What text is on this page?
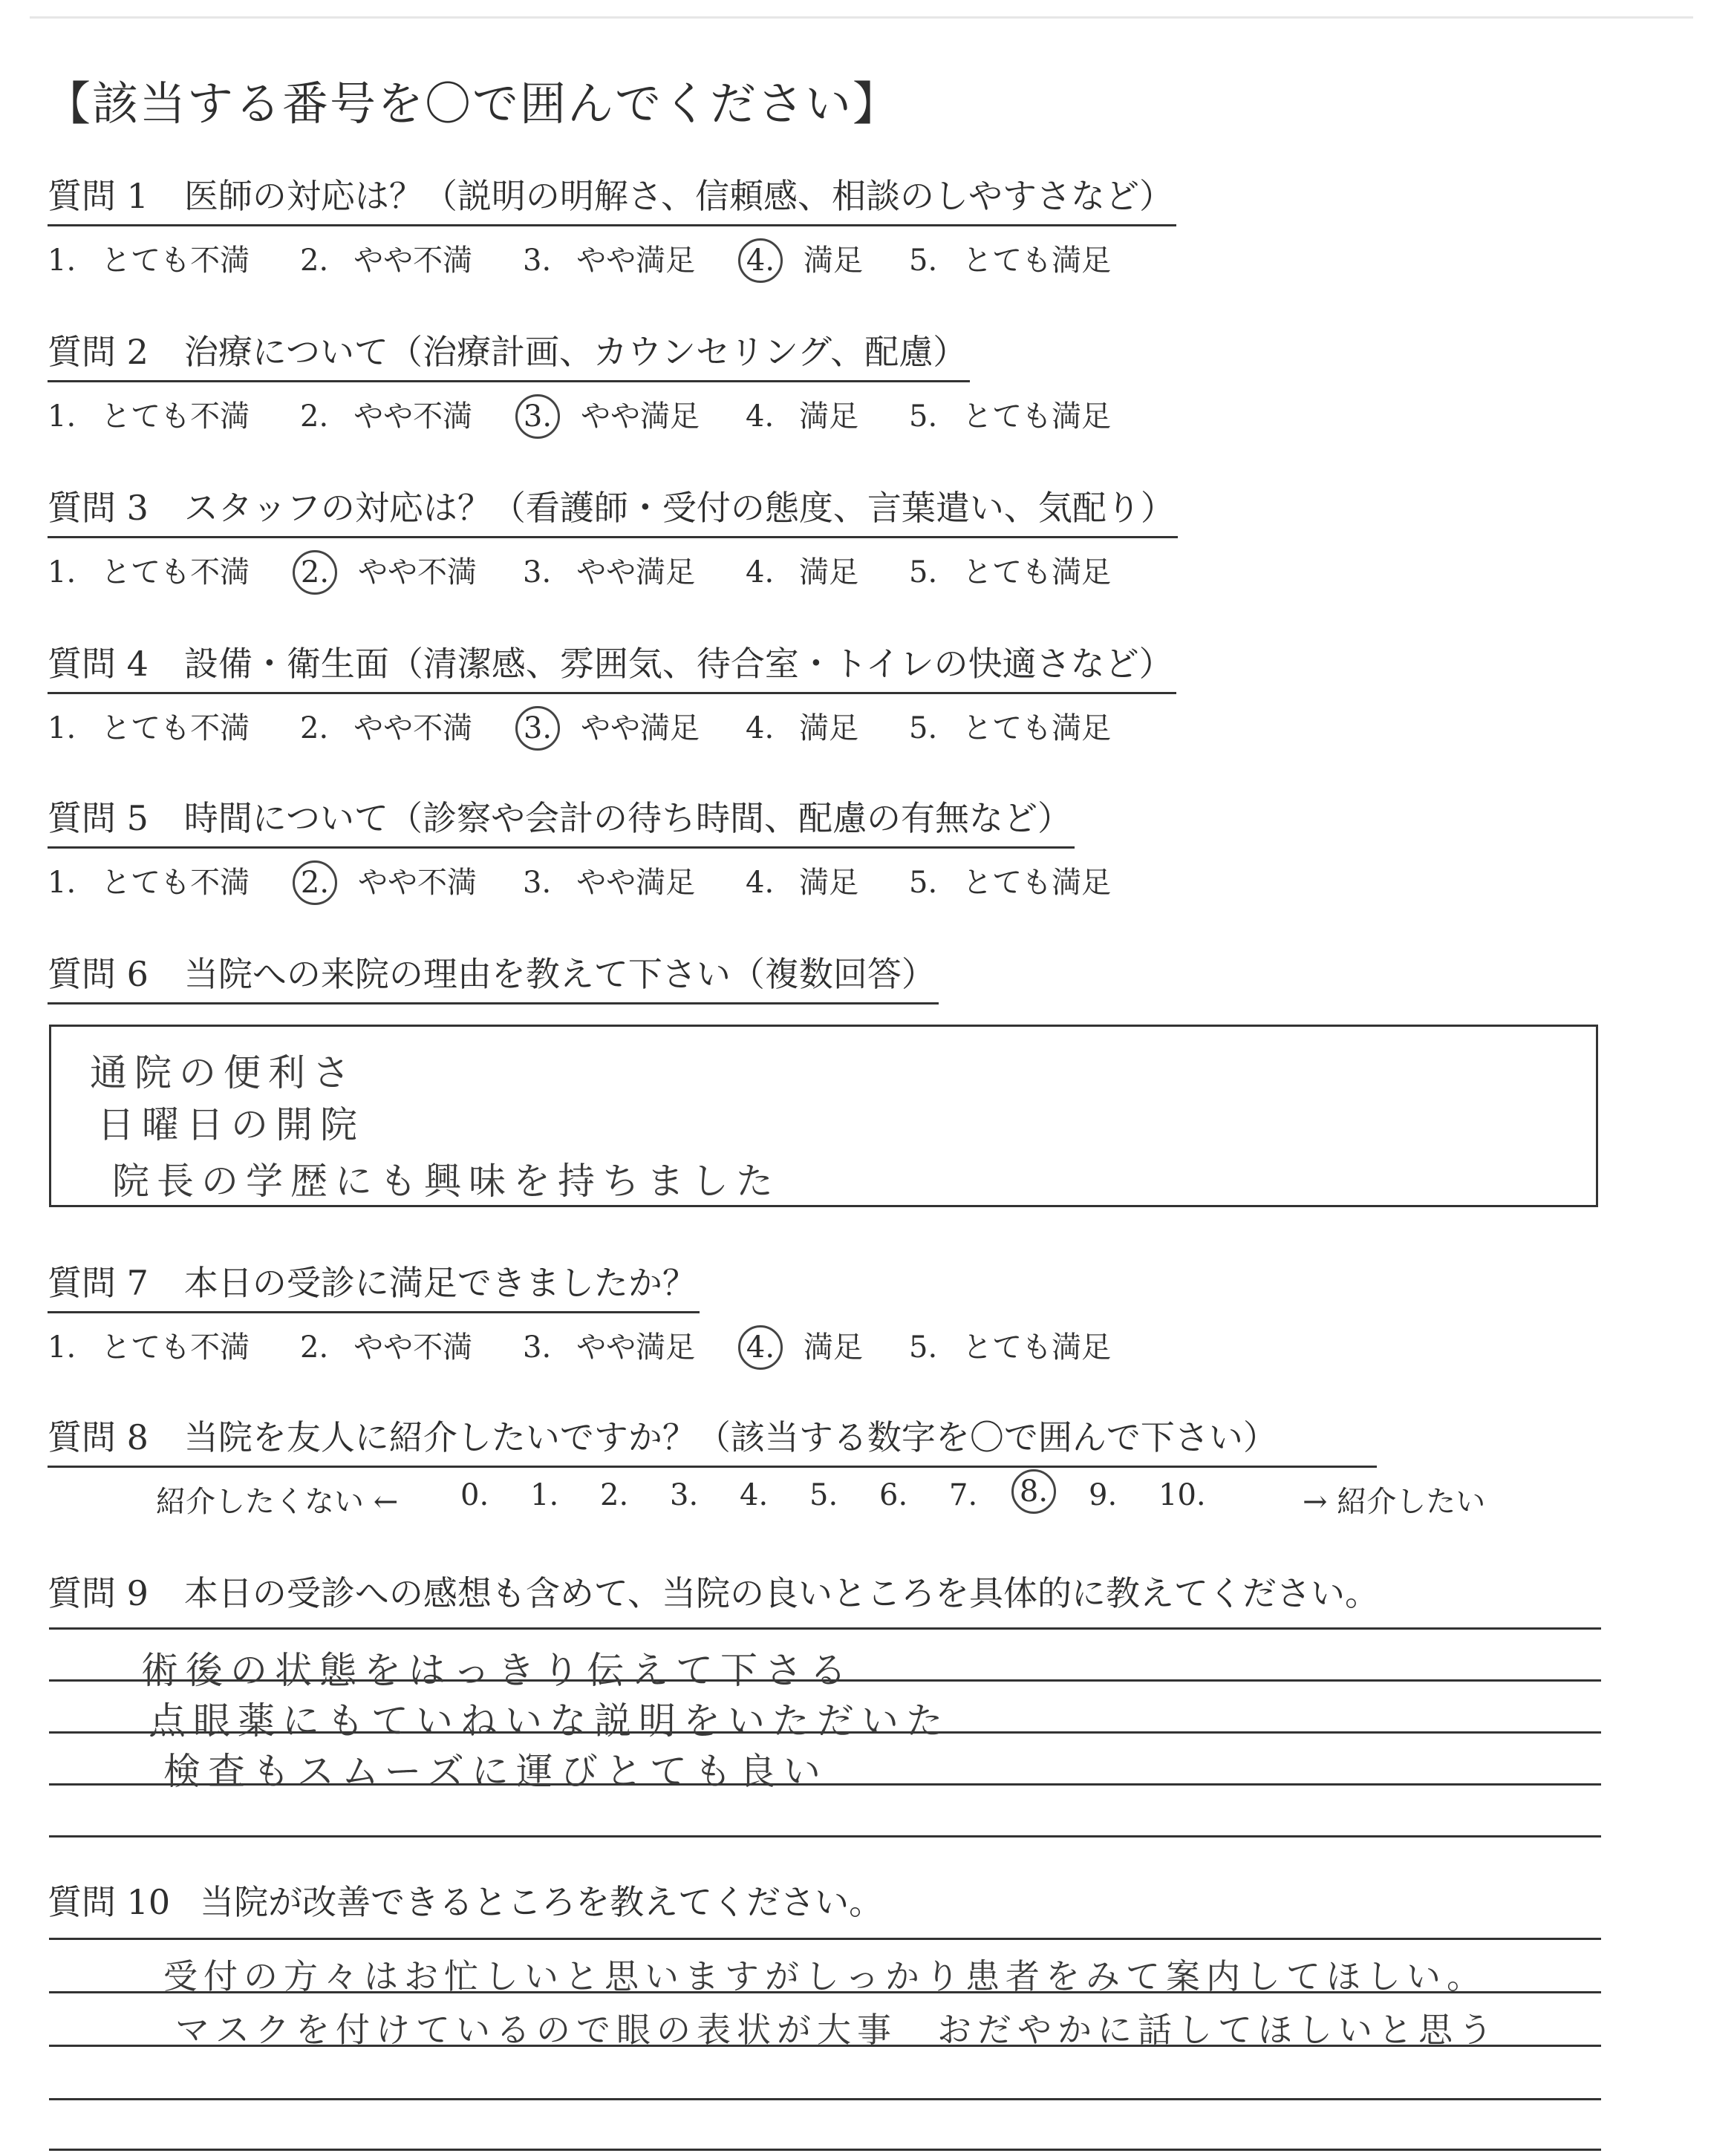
【該当する番号を〇で囲んでください】
質問 1 医師の対応は？（説明の明解さ、信頼感、相談のしやすさなど）
1. とても不満 2. やや不満 3. やや満足 4. 満足 5. とても満足
質問 2 治療について（治療計画、カウンセリング、配慮）
1. とても不満 2. やや不満 3. やや満足 4. 満足 5. とても満足
質問 3 スタッフの対応は？（看護師・受付の態度、言葉遣い、気配り）
1. とても不満 2. やや不満 3. やや満足 4. 満足 5. とても満足
質問 4 設備・衛生面（清潔感、雰囲気、待合室・トイレの快適さなど）
1. とても不満 2. やや不満 3. やや満足 4. 満足 5. とても満足
質問 5 時間について（診察や会計の待ち時間、配慮の有無など）
1. とても不満 2. やや不満 3. やや満足 4. 満足 5. とても満足
質問 6 当院への来院の理由を教えて下さい（複数回答）
通院の便利さ
日曜日の開院
院長の学歴にも興味を持ちました
質問 7 本日の受診に満足できましたか？
1. とても不満 2. やや不満 3. やや満足 4. 満足 5. とても満足
質問 8 当院を友人に紹介したいですか？（該当する数字を〇で囲んで下さい）
紹介したくない ←	→ 紹介したい
0. 1. 2. 3. 4. 5. 6. 7. 8. 9. 10.
質問 9 本日の受診への感想も含めて、当院の良いところを具体的に教えてください。
術後の状態をはっきり伝えて下さる
点眼薬にもていねいな説明をいただいた
検査もスムーズに運びとても良い
質問 10 当院が改善できるところを教えてください。
受付の方々はお忙しいと思いますがしっかり患者をみて案内してほしい。
マスクを付けているので眼の表状が大事　おだやかに話してほしいと思う
